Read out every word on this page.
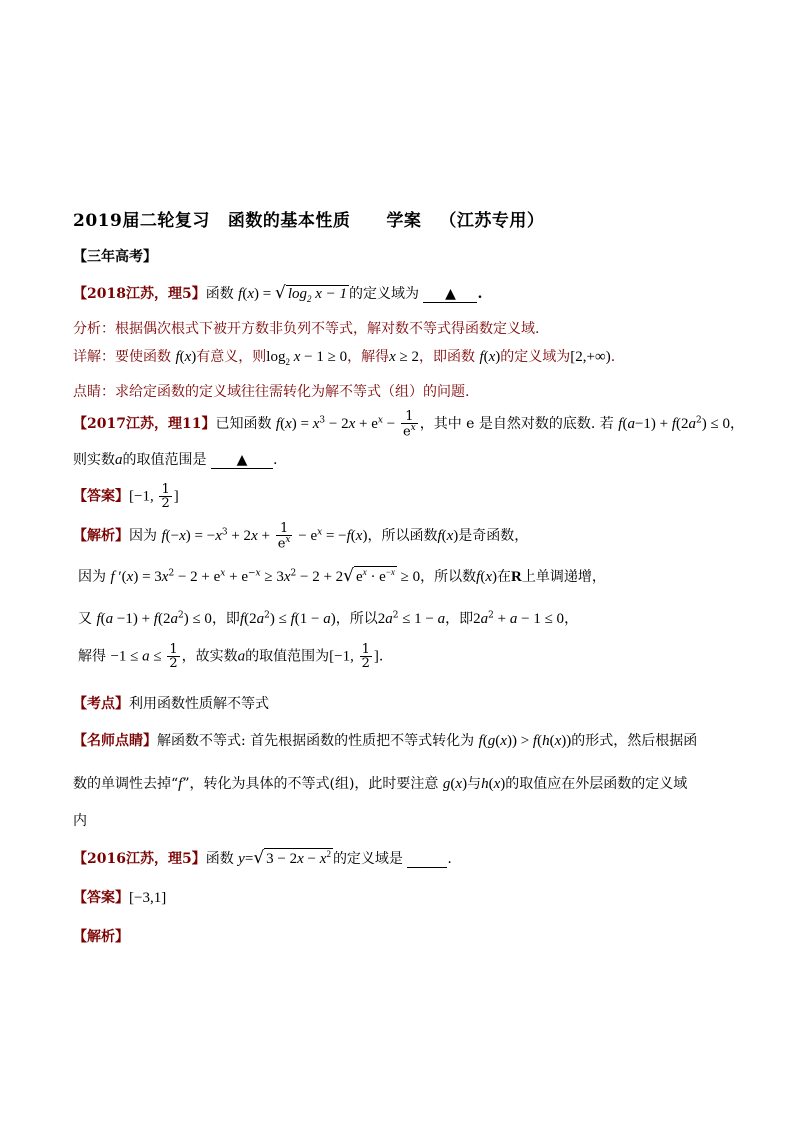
2019届二轮复习 函数的基本性质 学案 （江苏专用）
【三年高考】
【2018江苏，理5】函数 f(x) = √ $\log_2 x - 1$ 的定义域为 ▲ .
分析：根据偶次根式下被开方数非负列不等式，解对数不等式得函数定义域.
详解：要使函数 f(x)有意义，则$\log_2 x - 1 \ge 0$，解得x ≥ 2，即函数 f(x)的定义域为[2,+∞).
点睛：求给定函数的定义域往往需转化为解不等式（组）的问题.
【2017江苏，理11】已知函数 $f(x) = x^3 - 2x + e^x - \frac{1}{e^x}$ ，其中 e 是自然对数的底数. 若 $f(a-1) + f(2a^2) \le 0$，
则实数a的取值范围是 ▲ .
【答案】[−1, $\frac{1}{2}$ ]
【解析】因为 $f(-x) = -x^3 + 2x + \frac{1}{e^x} - e^x = -f(x)$，所以函数f(x)是奇函数，
因为 f $'(x) = 3x^2 - 2 + e^x + e^{-x} \ge 3x^2 - 2 + 2√$ $e^x \cdot e^{-x} \ge 0$，所以数f(x)在R上单调递增，
又 $f(a -1) + f(2a^2) \le 0$，即$f(2a^2) \le f(1 - a)$，所以$2a^2 \le 1 - a$，即$2a^2 + a - 1 \le 0$，
解得 $-1 \le a \le \frac{1}{2}$ ，故实数a的取值范围为[−1, $\frac{1}{2}$ ].
【考点】利用函数性质解不等式
【名师点睛】解函数不等式: 首先根据函数的性质把不等式转化为 f(g(x)) > f(h(x))的形式，然后根据函
数的单调性去掉“f”，转化为具体的不等式(组)，此时要注意 g(x)与h(x)的取值应在外层函数的定义域
内
【2016江苏，理5】函数 y=√ $3 - 2x - x^2$ 的定义域是	.
【答案】[−3,1]
【解析】
